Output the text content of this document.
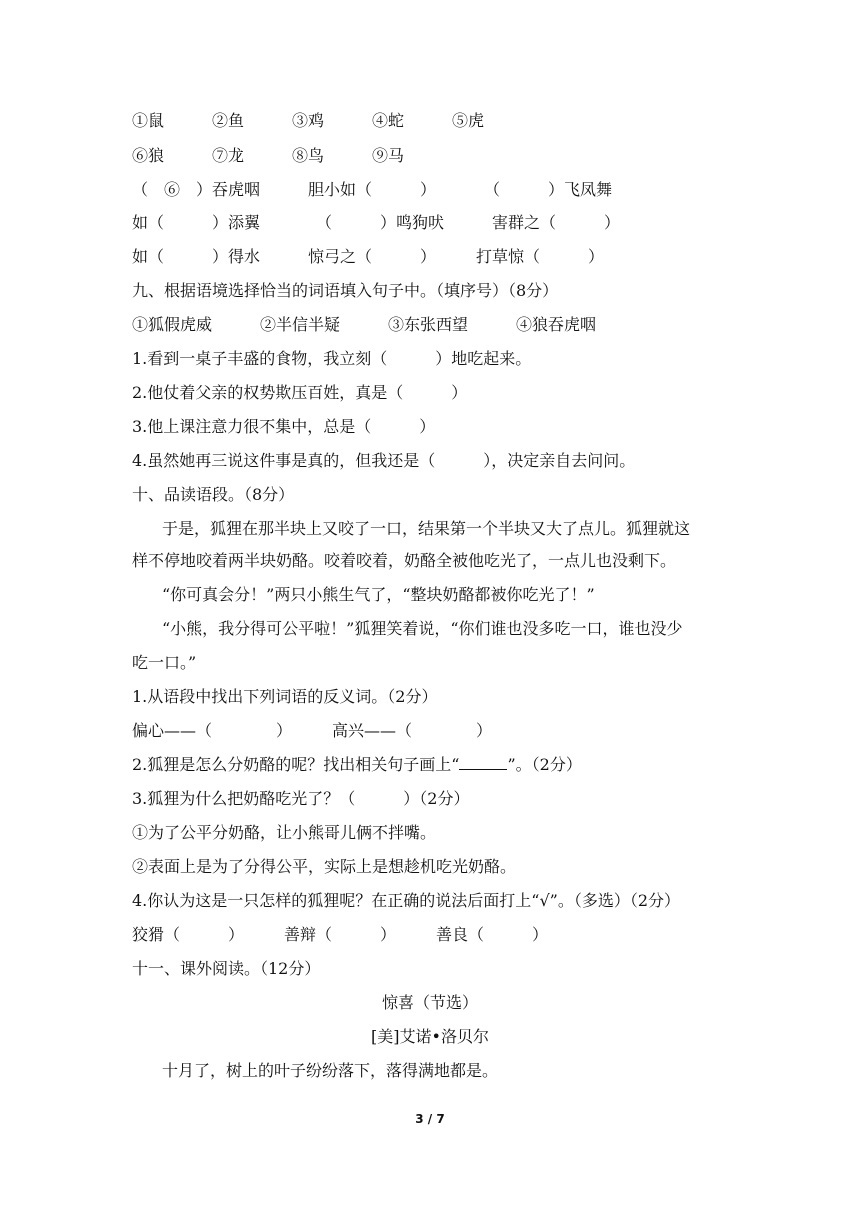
①鼠　　　②鱼　　　③鸡　　　④蛇　　　⑤虎
⑥狼　　　⑦龙　　　⑧鸟　　　⑨马
（　⑥　）吞虎咽　　　胆小如（　　　）　　　　（　　　）飞凤舞
如（　　　）添翼　　　　（　　　）鸣狗吠　　　害群之（　　　）
如（　　　）得水　　　惊弓之（　　　）　　　打草惊（　　　）
九、根据语境选择恰当的词语填入句子中。（填序号）（8分）
①狐假虎威　　　②半信半疑　　　③东张西望　　　④狼吞虎咽
1.看到一桌子丰盛的食物，我立刻（　　　）地吃起来。
2.他仗着父亲的权势欺压百姓，真是（　　　）
3.他上课注意力很不集中，总是（　　　）
4.虽然她再三说这件事是真的，但我还是（　　　），决定亲自去问问。
十、品读语段。（8分）
于是，狐狸在那半块上又咬了一口，结果第一个半块又大了点儿。狐狸就这
样不停地咬着两半块奶酪。咬着咬着，奶酪全被他吃光了，一点儿也没剩下。
“你可真会分！”两只小熊生气了，“整块奶酪都被你吃光了！”
“小熊，我分得可公平啦！”狐狸笑着说，“你们谁也没多吃一口，谁也没少
吃一口。”
1.从语段中找出下列词语的反义词。（2分）
偏心——（　　　　）　　　高兴——（　　　　）
2.狐狸是怎么分奶酪的呢？找出相关句子画上“	”。（2分）
3.狐狸为什么把奶酪吃光了？（　　　）（2分）
①为了公平分奶酪，让小熊哥儿俩不拌嘴。
②表面上是为了分得公平，实际上是想趁机吃光奶酪。
4.你认为这是一只怎样的狐狸呢？在正确的说法后面打上“√”。（多选）（2分）
狡猾（　　　）　　　善辩（　　　）　　　善良（　　　）
十一、课外阅读。（12分）
惊喜（节选）
[美]艾诺•洛贝尔
十月了，树上的叶子纷纷落下，落得满地都是。
3 / 7
